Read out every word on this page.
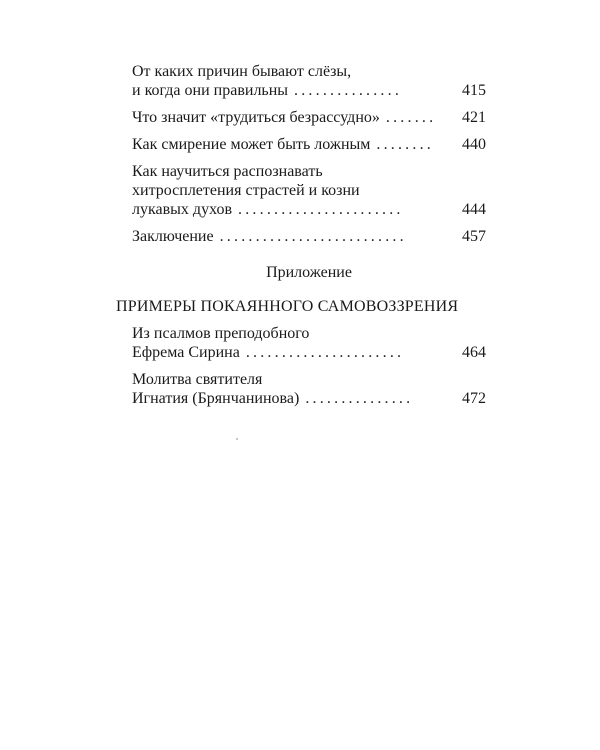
От каких причин бывают слёзы,
и когда они правильны ...............	415
Что значит «трудиться безрассудно» .......	421
Как смирение может быть ложным ........	440
Как научиться распознавать
хитросплетения страстей и козни
лукавых духов .......................	444
Заключение ..........................	457
Приложение
ПРИМЕРЫ ПОКАЯННОГО САМОВОЗЗРЕНИЯ
Из псалмов преподобного
Ефрема Сирина ......................	464
Молитва святителя
Игнатия (Брянчанинова) ...............	472
